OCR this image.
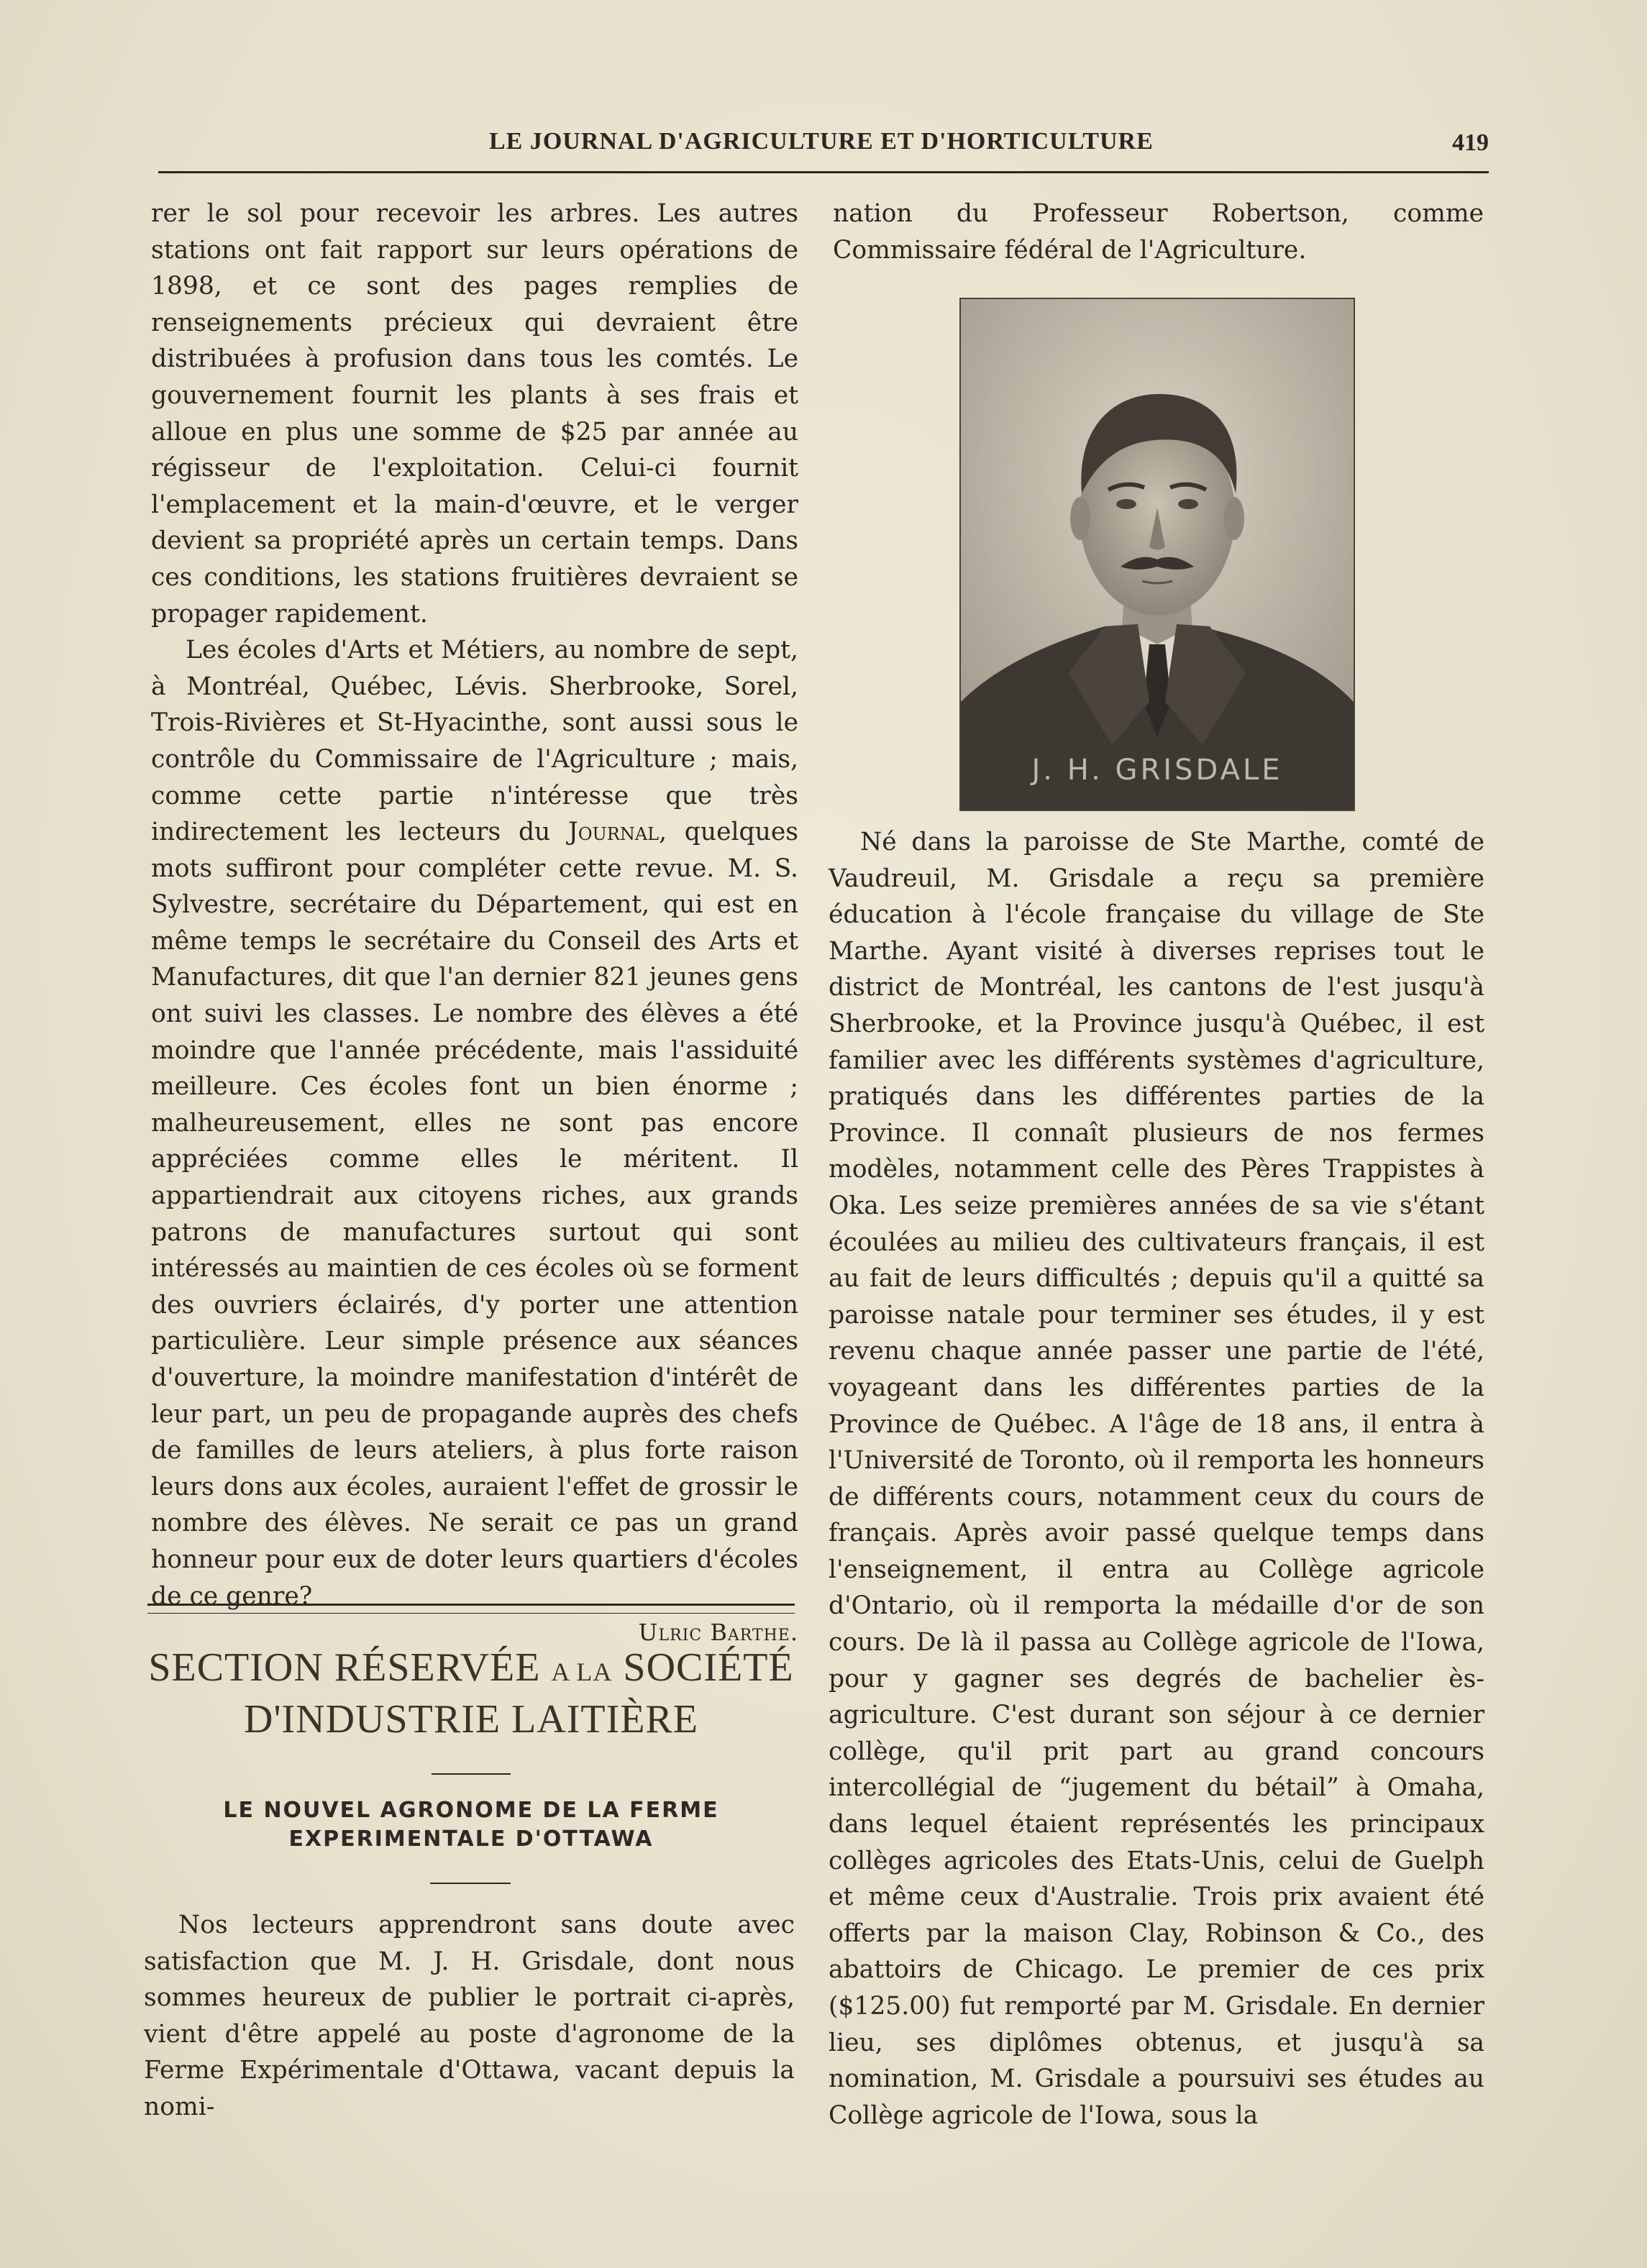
LE JOURNAL D'AGRICULTURE ET D'HORTICULTURE	419

rer le sol pour recevoir les arbres. Les autres stations ont fait rapport sur leurs opérations de 1898, et ce sont des pages remplies de renseignements précieux qui devraient être distribuées à profusion dans tous les comtés. Le gouvernement fournit les plants à ses frais et alloue en plus une somme de $25 par année au régisseur de l'exploitation. Celui-ci fournit l'emplacement et la main-d'œuvre, et le verger devient sa propriété après un certain temps. Dans ces conditions, les stations fruitières devraient se propager rapidement.

Les écoles d'Arts et Métiers, au nombre de sept, à Montréal, Québec, Lévis. Sherbrooke, Sorel, Trois-Rivières et St-Hyacinthe, sont aussi sous le contrôle du Commissaire de l'Agriculture ; mais, comme cette partie n'intéresse que très indirectement les lecteurs du Journal, quelques mots suffiront pour compléter cette revue. M. S. Sylvestre, secrétaire du Département, qui est en même temps le secrétaire du Conseil des Arts et Manufactures, dit que l'an dernier 821 jeunes gens ont suivi les classes. Le nombre des élèves a été moindre que l'année précédente, mais l'assiduité meilleure. Ces écoles font un bien énorme ; malheureusement, elles ne sont pas encore appréciées comme elles le méritent. Il appartiendrait aux citoyens riches, aux grands patrons de manufactures surtout qui sont intéressés au maintien de ces écoles où se forment des ouvriers éclairés, d'y porter une attention particulière. Leur simple présence aux séances d'ouverture, la moindre manifestation d'intérêt de leur part, un peu de propagande auprès des chefs de familles de leurs ateliers, à plus forte raison leurs dons aux écoles, auraient l'effet de grossir le nombre des élèves. Ne serait ce pas un grand honneur pour eux de doter leurs quartiers d'écoles de ce genre?

Ulric Barthe.

SECTION RÉSERVÉE A LA SOCIÉTÉ
D'INDUSTRIE LAITIÈRE
LE NOUVEL AGRONOME DE LA FERME
EXPERIMENTALE D'OTTAWA

Nos lecteurs apprendront sans doute avec satisfaction que M. J. H. Grisdale, dont nous sommes heureux de publier le portrait ci-après, vient d'être appelé au poste d'agronome de la Ferme Expérimentale d'Ottawa, vacant depuis la nomi-

nation du Professeur Robertson, comme Commissaire fédéral de l'Agriculture.

J. H. GRISDALE

Né dans la paroisse de Ste Marthe, comté de Vaudreuil, M. Grisdale a reçu sa première éducation à l'école française du village de Ste Marthe. Ayant visité à diverses reprises tout le district de Montréal, les cantons de l'est jusqu'à Sherbrooke, et la Province jusqu'à Québec, il est familier avec les différents systèmes d'agriculture, pratiqués dans les différentes parties de la Province. Il connaît plusieurs de nos fermes modèles, notamment celle des Pères Trappistes à Oka. Les seize premières années de sa vie s'étant écoulées au milieu des cultivateurs français, il est au fait de leurs difficultés ; depuis qu'il a quitté sa paroisse natale pour terminer ses études, il y est revenu chaque année passer une partie de l'été, voyageant dans les différentes parties de la Province de Québec. A l'âge de 18 ans, il entra à l'Université de Toronto, où il remporta les honneurs de différents cours, notamment ceux du cours de français. Après avoir passé quelque temps dans l'enseignement, il entra au Collège agricole d'Ontario, où il remporta la médaille d'or de son cours. De là il passa au Collège agricole de l'Iowa, pour y gagner ses degrés de bachelier ès-agriculture. C'est durant son séjour à ce dernier collège, qu'il prit part au grand concours intercollégial de “jugement du bétail” à Omaha, dans lequel étaient représentés les principaux collèges agricoles des Etats-Unis, celui de Guelph et même ceux d'Australie. Trois prix avaient été offerts par la maison Clay, Robinson & Co., des abattoirs de Chicago. Le premier de ces prix ($125.00) fut remporté par M. Grisdale. En dernier lieu, ses diplômes obtenus, et jusqu'à sa nomination, M. Grisdale a poursuivi ses études au Collège agricole de l'Iowa, sous la
